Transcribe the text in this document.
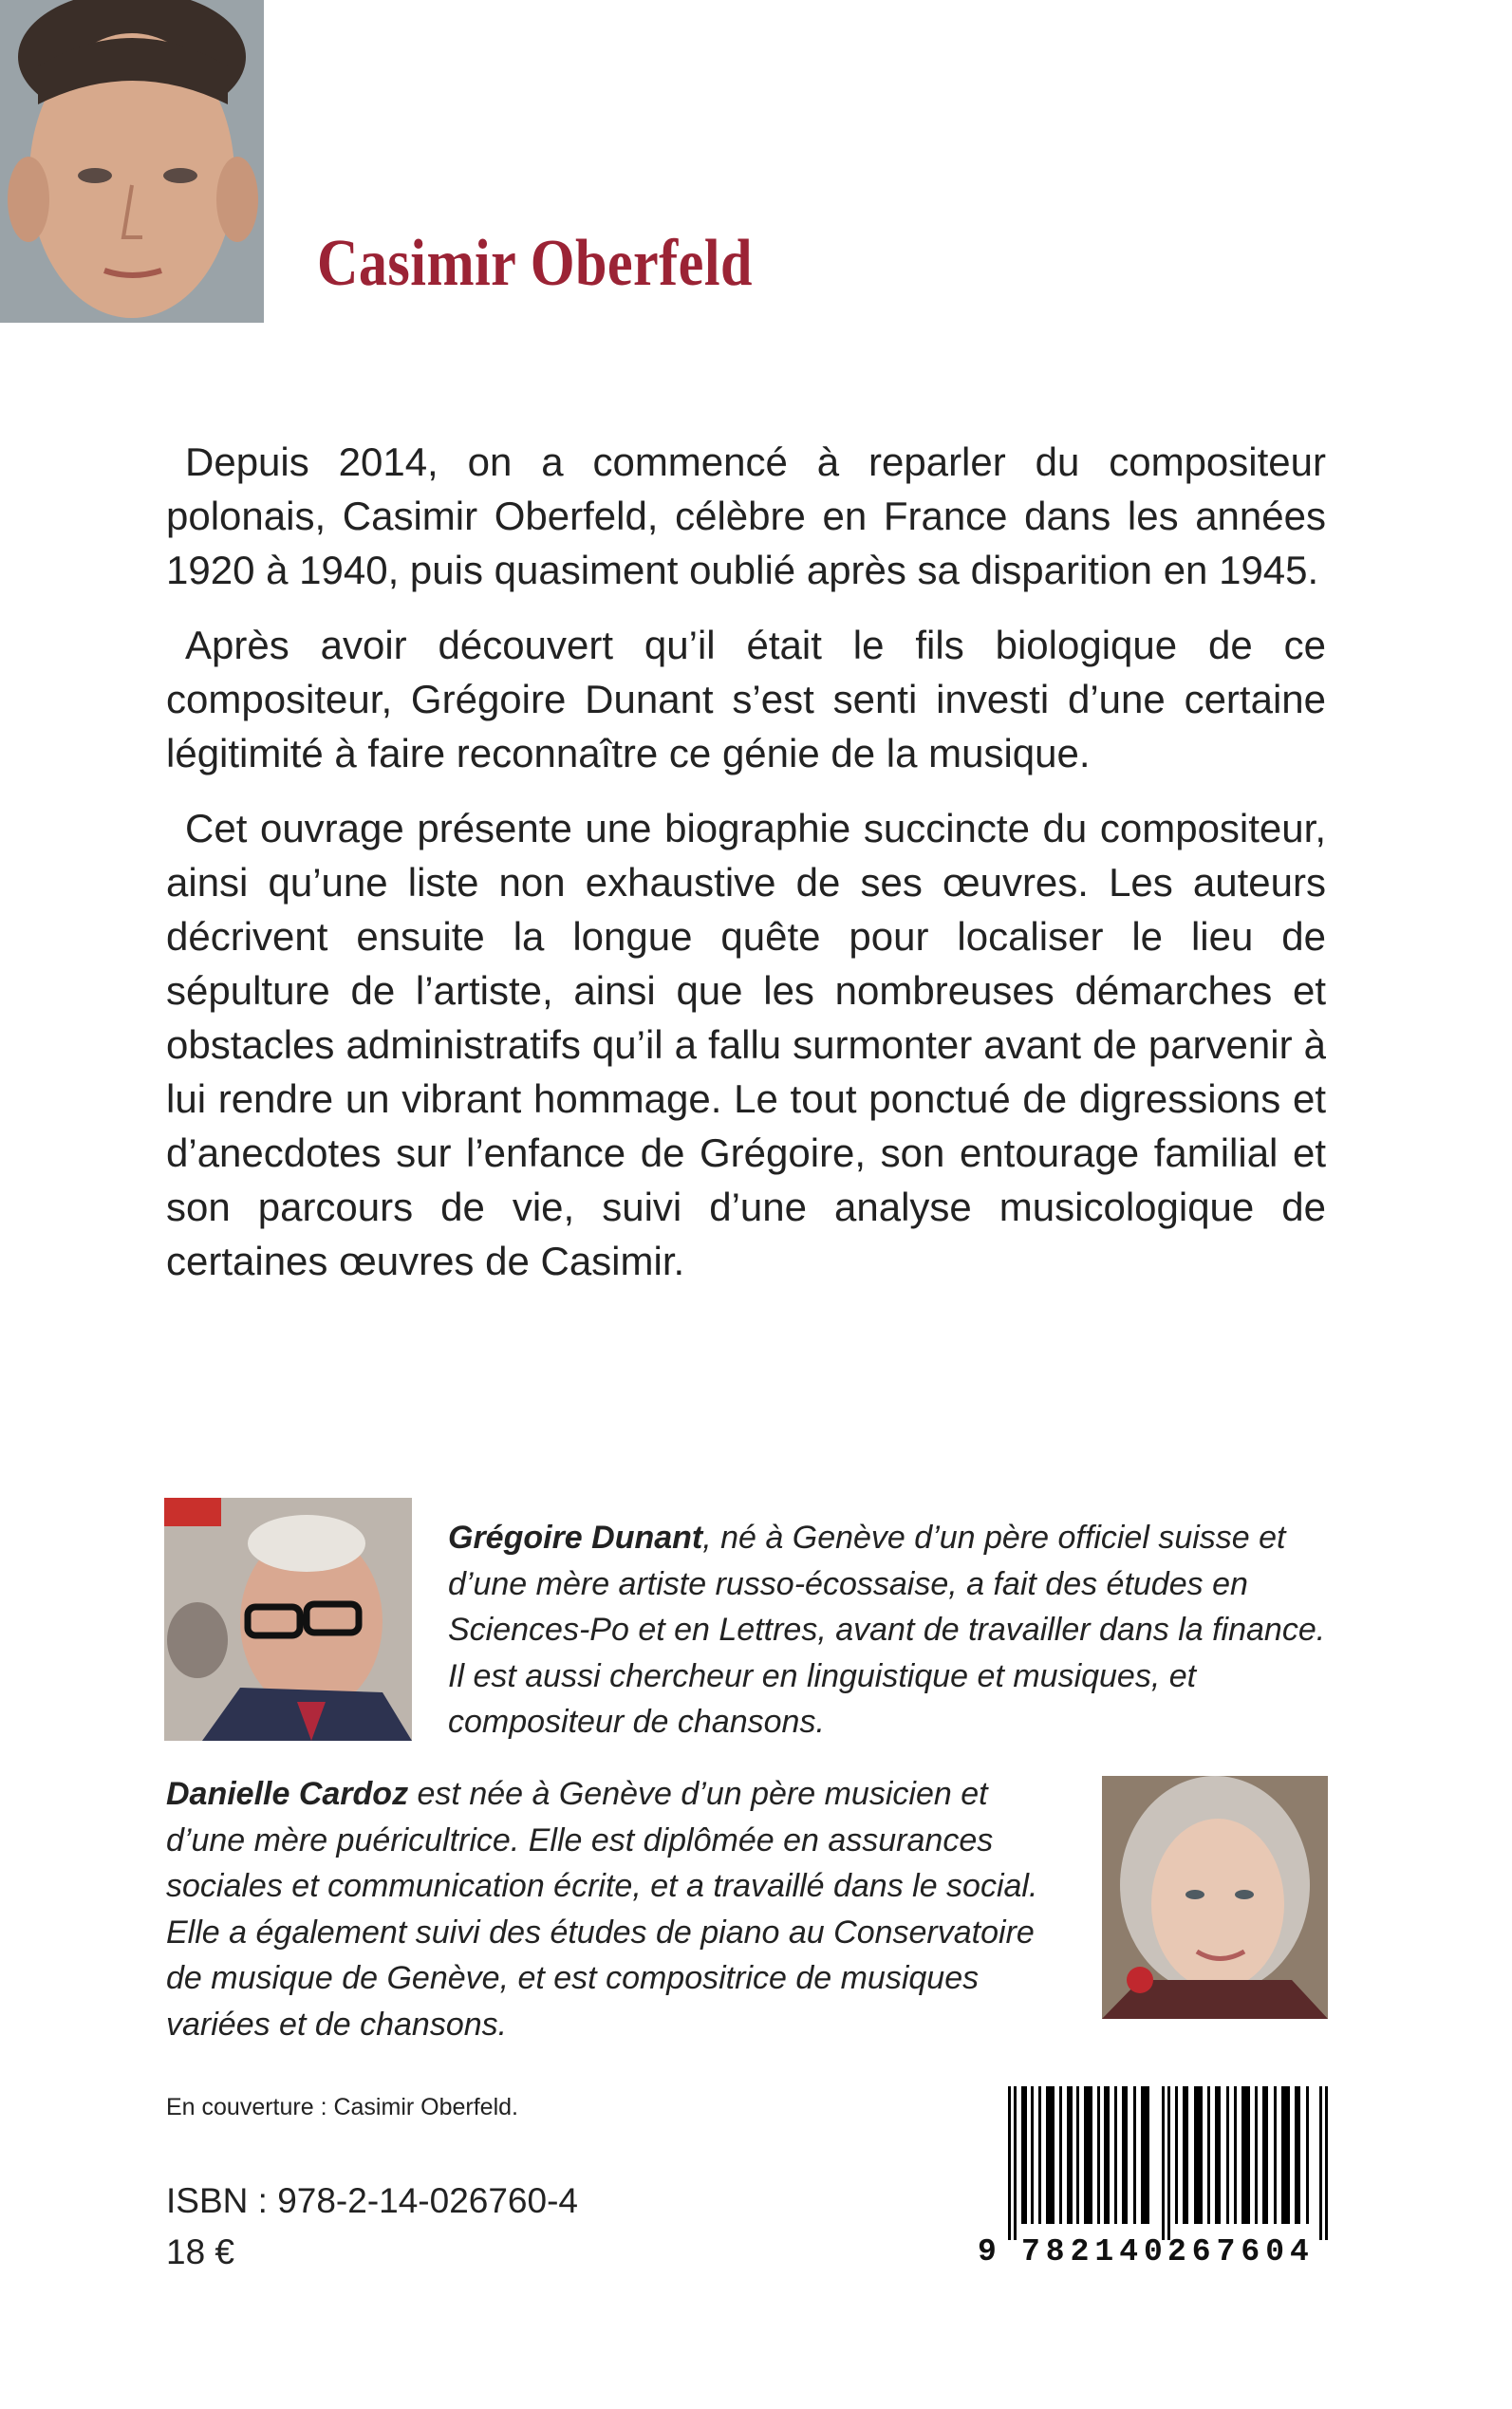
Casimir Oberfeld

Depuis 2014, on a commencé à reparler du compositeur polonais, Casimir Oberfeld, célèbre en France dans les années 1920 à 1940, puis quasiment oublié après sa disparition en 1945.

Après avoir découvert qu’il était le fils biologique de ce compositeur, Grégoire Dunant s’est senti investi d’une certaine légitimité à faire reconnaître ce génie de la musique.

Cet ouvrage présente une biographie succincte du compositeur, ainsi qu’une liste non exhaustive de ses œuvres. Les auteurs décrivent ensuite la longue quête pour localiser le lieu de sépulture de l’artiste, ainsi que les nombreuses démarches et obstacles administratifs qu’il a fallu surmonter avant de parvenir à lui rendre un vibrant hommage. Le tout ponctué de digressions et d’anecdotes sur l’enfance de Grégoire, son entourage familial et son parcours de vie, suivi d’une analyse musicologique de certaines œuvres de Casimir.

Grégoire Dunant, né à Genève d’un père officiel suisse et d’une mère artiste russo-écossaise, a fait des études en Sciences-Po et en Lettres, avant de travailler dans la finance. Il est aussi chercheur en linguistique et musiques, et compositeur de chansons.
Danielle Cardoz est née à Genève d’un père musicien et d’une mère puéricultrice. Elle est diplômée en assurances sociales et communication écrite, et a travaillé dans le social. Elle a également suivi des études de piano au Conservatoire de musique de Genève, et est compositrice de musiques variées et de chansons.
En couverture : Casimir Oberfeld.
ISBN : 978-2-14-026760-4
18 €	9 782140 267604
